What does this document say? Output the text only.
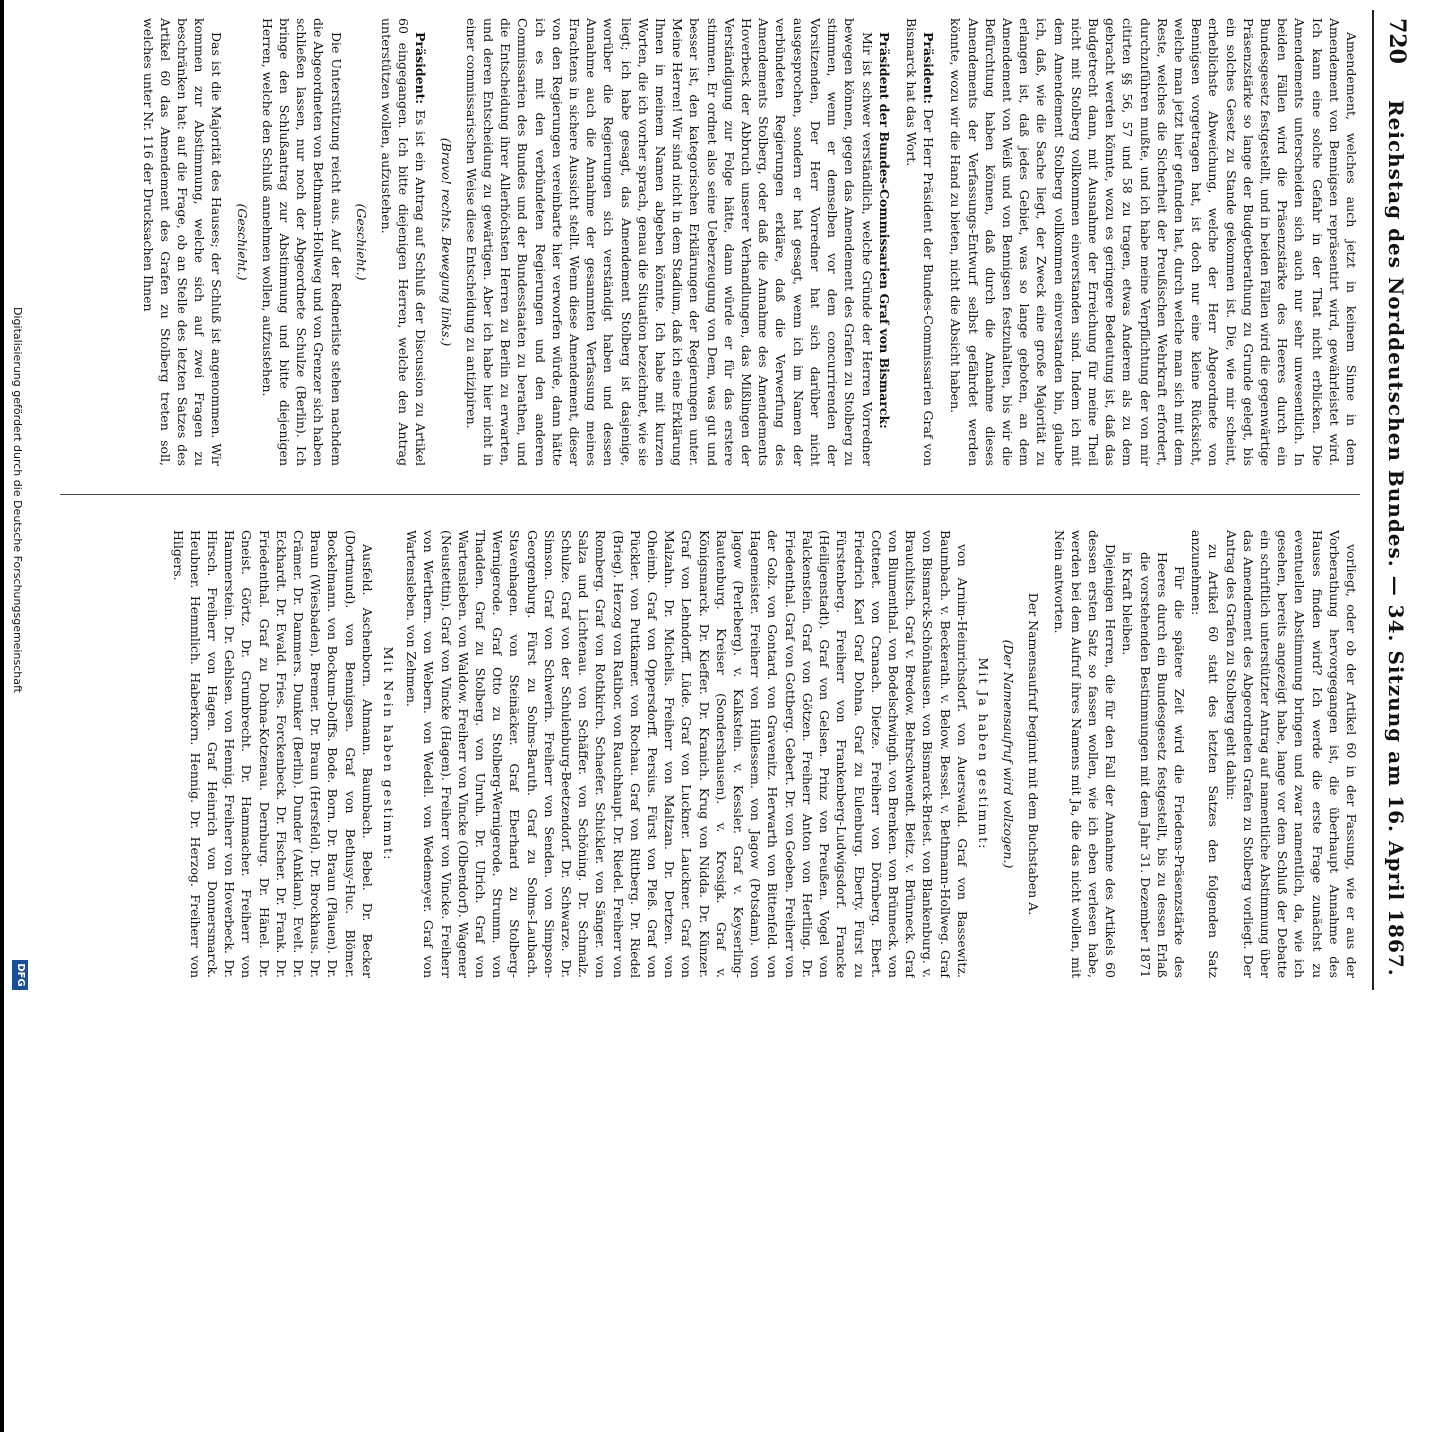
720
Reichstag des Norddeutschen Bundes. — 34. Sitzung am 16. April 1867.

Amendement, welches auch jetzt in keinem Sinne in dem Amendement von Bennigsen repräsentirt wird, gewährleistet wird. Ich kann eine solche Gefahr in der That nicht erblicken. Die Amendements unterscheiden sich auch nur sehr unwesentlich. In beiden Fällen wird die Präsenzstärke des Heeres durch ein Bundesgesetz festgestellt, und in beiden Fällen wird die gegenwärtige Präsenzstärke so lange der Budgetberathung zu Grunde gelegt, bis ein solches Gesetz zu Stande gekommen ist. Die, wie mir scheint, erheblichste Abweichung, welche der Herr Abgeordnete von Bennigsen vorgetragen hat, ist doch nur eine kleine Rücksicht, welche man jetzt hier gefunden hat, durch welche man sich mit dem Reste, welches die Sicherheit der Preußischen Wehrkraft erfordert, durchzuführen mußte, und ich habe meine Verpflichtung der von mir citirten §§ 56, 57 und 58 zu tragen, etwas Anderem als zu dem gebracht werden könnte, wozu es geringere Bedeutung ist, daß das Budgetrecht dann, mit Ausnahme der Erreichung für meine Theil nicht mit Stolberg vollkommen einverstanden sind. Indem ich mit dem Amendement Stolberg vollkommen einverstanden bin, glaube ich, daß, wie die Sache liegt, der Zweck eine große Majorität zu erlangen ist, daß jedes Gebiet, was so lange geboten, an dem Amendement von Weiß und von Bennigsen festzuhalten, bis wir die Befürchtung haben können, daß durch die Annahme dieses Amendements der Verfassungs-Entwurf selbst gefährdet werden könnte, wozu wir die Hand zu bieten, nicht die Absicht haben.

Präsident: Der Herr Präsident der Bundes-Commissarien Graf von Bismarck hat das Wort.

Präsident der Bundes-Commissarien Graf von Bismarck:

Mir ist schwer verständlich, welche Gründe der Herren Vorredner bewegen können, gegen das Amendement des Grafen zu Stolberg zu stimmen, wenn er demselben vor dem concurrirenden der Vorsitzenden, Der Herr Vorredner hat sich darüber nicht ausgesprochen, sondern er hat gesagt, wenn ich im Namen der verbündeten Regierungen erkläre, daß die Verwerfung des Amendements Stolberg, oder daß die Annahme des Amendements Hoverbeck der Abbruch unserer Verhandlungen, das Mißlingen der Verständigung zur Folge hätte, dann würde er für das erstere stimmen. Er ordnet also seine Ueberzeugung von Dem, was gut und besser ist, den kategorischen Erklärungen der Regierungen unter. Meine Herren! Wir sind nicht in dem Stadium, daß ich eine Erklärung Ihnen in meinem Namen abgeben könnte. Ich habe mit kurzen Worten, die ich vorher sprach, genau die Situation bezeichnet, wie sie liegt; ich habe gesagt, das Amendement Stolberg ist dasjenige, worüber die Regierungen sich verständigt haben und dessen Annahme auch die Annahme der gesammten Verfassung meines Erachtens in sichere Aussicht stellt. Wenn diese Amendement, dieser von den Regierungen vereinbarte hier verworfen würde, dann hätte ich es mit den verbündeten Regierungen und den anderen Commissarien des Bundes und der Bundesstaaten zu berathen, und die Entscheidung ihrer Allerhöchsten Herren zu Berlin zu erwarten, und deren Entscheidung zu gewärtigen. Aber ich habe hier nicht in einer commissarischen Weise diese Entscheidung zu antizipiren.

(Bravo! rechts. Bewegung links.)

Präsident: Es ist ein Antrag auf Schluß der Discussion zu Artikel 60 eingegangen. Ich bitte diejenigen Herren, welche den Antrag unterstützen wollen, aufzustehen.

(Geschieht.)

Die Unterstützung reicht aus. Auf der Rednerliste stehen nachdem die Abgeordneten von Bethmann-Hollweg und von Grenzer sich haben schließen lassen, nur noch der Abgeordnete Schulze (Berlin). Ich bringe den Schlußantrag zur Abstimmung und bitte diejenigen Herren, welche den Schluß annehmen wollen, aufzustehen.

(Geschieht.)

Das ist die Majorität des Hauses; der Schluß ist angenommen. Wir kommen zur Abstimmung, welche sich auf zwei Fragen zu beschränken hat: auf die Frage, ob an Stelle des letzten Satzes des Artikel 60 das Amendement des Grafen zu Stolberg treten soll, welches unter Nr. 116 der Drucksachen Ihnen

vorliegt, oder ob der Artikel 60 in der Fassung, wie er aus der Vorberathung hervorgegangen ist, die überhaupt Annahme des Hauses finden wird? Ich werde die erste Frage zunächst zu eventuellen Abstimmung bringen und zwar namentlich, da, wie ich gesehen, bereits angezeigt habe, lange vor dem Schluß der Debatte ein schriftlich unterstützter Antrag auf namentliche Abstimmung über das Amendement des Abgeordneten Grafen zu Stolberg vorliegt. Der Antrag des Grafen zu Stolberg geht dahin:

zu Artikel 60 statt des letzten Satzes den folgenden Satz anzunehmen:

Für die spätere Zeit wird die Friedens-Präsenzstärke des Heeres durch ein Bundesgesetz festgestellt, bis zu dessen Erlaß die vorstehenden Bestimmungen mit dem Jahr 31. Dezember 1871 in Kraft bleiben.

Diejenigen Herren, die für den Fall der Annahme des Artikels 60 dessen ersten Satz so fassen wollen, wie ich eben verlesen habe, werden bei dem Aufruf ihres Namens mit Ja, die das nicht wollen, mit Nein antworten.

Der Namensaufruf beginnt mit dem Buchstaben A.

(Der Namensaufruf wird vollzogen.)

Mit Ja haben gestimmt:

von Arnim-Heinrichsdorf. von Auerswald. Graf von Bassewitz. Baumbach. v. Beckerath. v. Below. Bessel. v. Bethmann-Hollweg. Graf von Bismarck-Schönhausen. von Bismarck-Briest. von Blankenburg. v. Brauchitsch. Graf v. Bredow. Behrschwendt. Beitz. v. Brünneck. Graf von Blumenthal. von Bodelschwingh. von Brenken. von Brünneck. von Cottenet. von Cranach. Dietze. Freiherr von Dörnberg. Ebert. Friedrich Karl Graf Dohna. Graf zu Eulenburg. Eberty. Fürst zu Fürstenberg. Freiherr von Frankenberg-Ludwigsdorf. Francke (Heiligenstadt). Graf von Gelsen. Prinz von Preußen. Vogel von Falckenstein. Graf von Götzen. Freiherr Anton von Hertling. Dr. Friedenthal. Graf von Gottberg. Gebert. Dr. von Goeben. Freiherr von der Golz. von Gontard. von Gravenitz. Herwarth von Bittenfeld. von Hagemeister. Freiherr von Hüllessem. von Jagow (Potsdam). von Jagow (Perleberg). v. Kalkstein. v. Kessler. Graf v. Keyserling-Rautenburg. Kreiser (Sondershausen). v. Krosigk. Graf v. Königsmarck. Dr. Kieffer. Dr. Kranich. Krug von Nidda. Dr. Künzer. Graf von Lehndorff. Lüde. Graf von Luckner. Lauckner. Graf von Malzahn. Dr. Michelis. Freiherr von Maltzan. Dr. Dertzen. von Oheimb. Graf von Oppersdorff. Persius. Fürst von Pleß. Graf von Pückler. von Puttkamer. von Rochau. Graf von Rittberg. Dr. Riedel (Brieg). Herzog von Ratibor. von Rauchhaupt. Dr. Riedel. Freiherr von Romberg. Graf von Rothkirch. Schaefer. Schickler. von Sänger. von Salza und Lichtenau. von Schäffer. von Schöning. Dr. Schmalz. Schulze. Graf von der Schulenburg-Beetzendorf. Dr. Schwarze. Dr. Simson. Graf von Schwerin. Freiherr von Senden. von Simpson-Georgenburg. Fürst zu Solms-Baruth. Graf zu Solms-Laubach. Stavenhagen. von Steinäcker. Graf Eberhard zu Stolberg-Wernigerode. Graf Otto zu Stolberg-Wernigerode. Strumm. von Thadden. Graf zu Stolberg. von Unruh. Dr. Ulrich. Graf von Wartensleben. von Waldow. Freiherr von Vincke (Olbendorf). Wagener (Neustettin). Graf von Vincke (Hagen). Freiherr von Vincke. Freiherr von Werthern. von Webern. von Wedell. von Wedemeyer. Graf von Wartensleben. von Zehmen.

Mit Nein haben gestimmt:

Ausfeld. Aschenborn. Ahmann. Baumbach. Bebel. Dr. Becker (Dortmund). von Bennigsen. Graf von Bethusy-Huc. Blömer. Bockelmann. von Bockum-Dolffs. Bode. Born. Dr. Braun (Plauen). Dr. Braun (Wiesbaden). Bremer. Dr. Braun (Hersfeld). Dr. Brockhaus. Dr. Crämer. Dr. Dammers. Dunker (Berlin). Dunder (Anklam). Evelt. Dr. Eckhardt. Dr. Ewald. Fries. Forckenbeck. Dr. Fischer. Dr. Frank. Dr. Friedenthal. Graf zu Dohna-Kotzenau. Dernburg. Dr. Hänel. Dr. Gneist. Görtz. Dr. Grumbrecht. Dr. Hammacher. Freiherr von Hammerstein. Dr. Gehlsen. von Hennig. Freiherr von Hoverbeck. Dr. Hirsch. Freiherr von Hagen. Graf Heinrich von Donnersmarck. Heubner. Hemmlich. Haberkorn. Hennig. Dr. Herzog. Freiherr von Hilgers.

Digitalisierung gefördert durch die Deutsche Forschungsgemeinschaft
DFG
